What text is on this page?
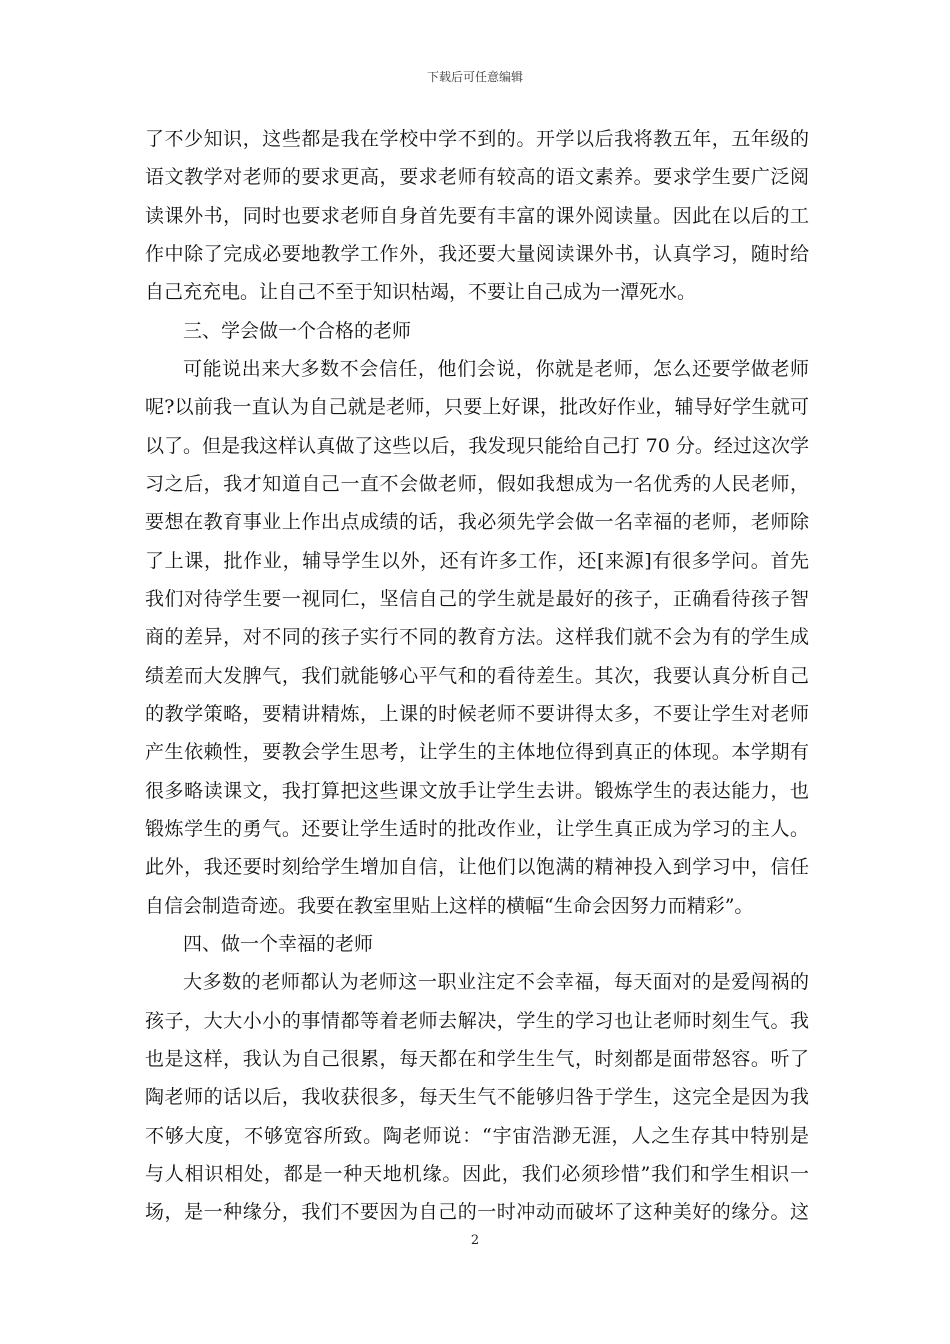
下载后可任意编辑
了不少知识，这些都是我在学校中学不到的。开学以后我将教五年，五年级的
语文教学对老师的要求更高，要求老师有较高的语文素养。要求学生要广泛阅
读课外书，同时也要求老师自身首先要有丰富的课外阅读量。因此在以后的工
作中除了完成必要地教学工作外，我还要大量阅读课外书，认真学习，随时给
自己充充电。让自己不至于知识枯竭，不要让自己成为一潭死水。
三、学会做一个合格的老师
可能说出来大多数不会信任，他们会说，你就是老师，怎么还要学做老师
呢?以前我一直认为自己就是老师，只要上好课，批改好作业，辅导好学生就可
以了。但是我这样认真做了这些以后，我发现只能给自己打 70 分。经过这次学
习之后，我才知道自己一直不会做老师，假如我想成为一名优秀的人民老师，
要想在教育事业上作出点成绩的话，我必须先学会做一名幸福的老师，老师除
了上课，批作业，辅导学生以外，还有许多工作，还[来源]有很多学问。首先
我们对待学生要一视同仁，坚信自己的学生就是最好的孩子，正确看待孩子智
商的差异，对不同的孩子实行不同的教育方法。这样我们就不会为有的学生成
绩差而大发脾气，我们就能够心平气和的看待差生。其次，我要认真分析自己
的教学策略，要精讲精炼，上课的时候老师不要讲得太多，不要让学生对老师
产生依赖性，要教会学生思考，让学生的主体地位得到真正的体现。本学期有
很多略读课文，我打算把这些课文放手让学生去讲。锻炼学生的表达能力，也
锻炼学生的勇气。还要让学生适时的批改作业，让学生真正成为学习的主人。
此外，我还要时刻给学生增加自信，让他们以饱满的精神投入到学习中，信任
自信会制造奇迹。我要在教室里贴上这样的横幅“生命会因努力而精彩”。
四、做一个幸福的老师
大多数的老师都认为老师这一职业注定不会幸福，每天面对的是爱闯祸的
孩子，大大小小的事情都等着老师去解决，学生的学习也让老师时刻生气。我
也是这样，我认为自己很累，每天都在和学生生气，时刻都是面带怒容。听了
陶老师的话以后，我收获很多，每天生气不能够归咎于学生，这完全是因为我
不够大度，不够宽容所致。陶老师说：“宇宙浩渺无涯，人之生存其中特别是
与人相识相处，都是一种天地机缘。因此，我们必须珍惜”我们和学生相识一
场，是一种缘分，我们不要因为自己的一时冲动而破坏了这种美好的缘分。这
2
